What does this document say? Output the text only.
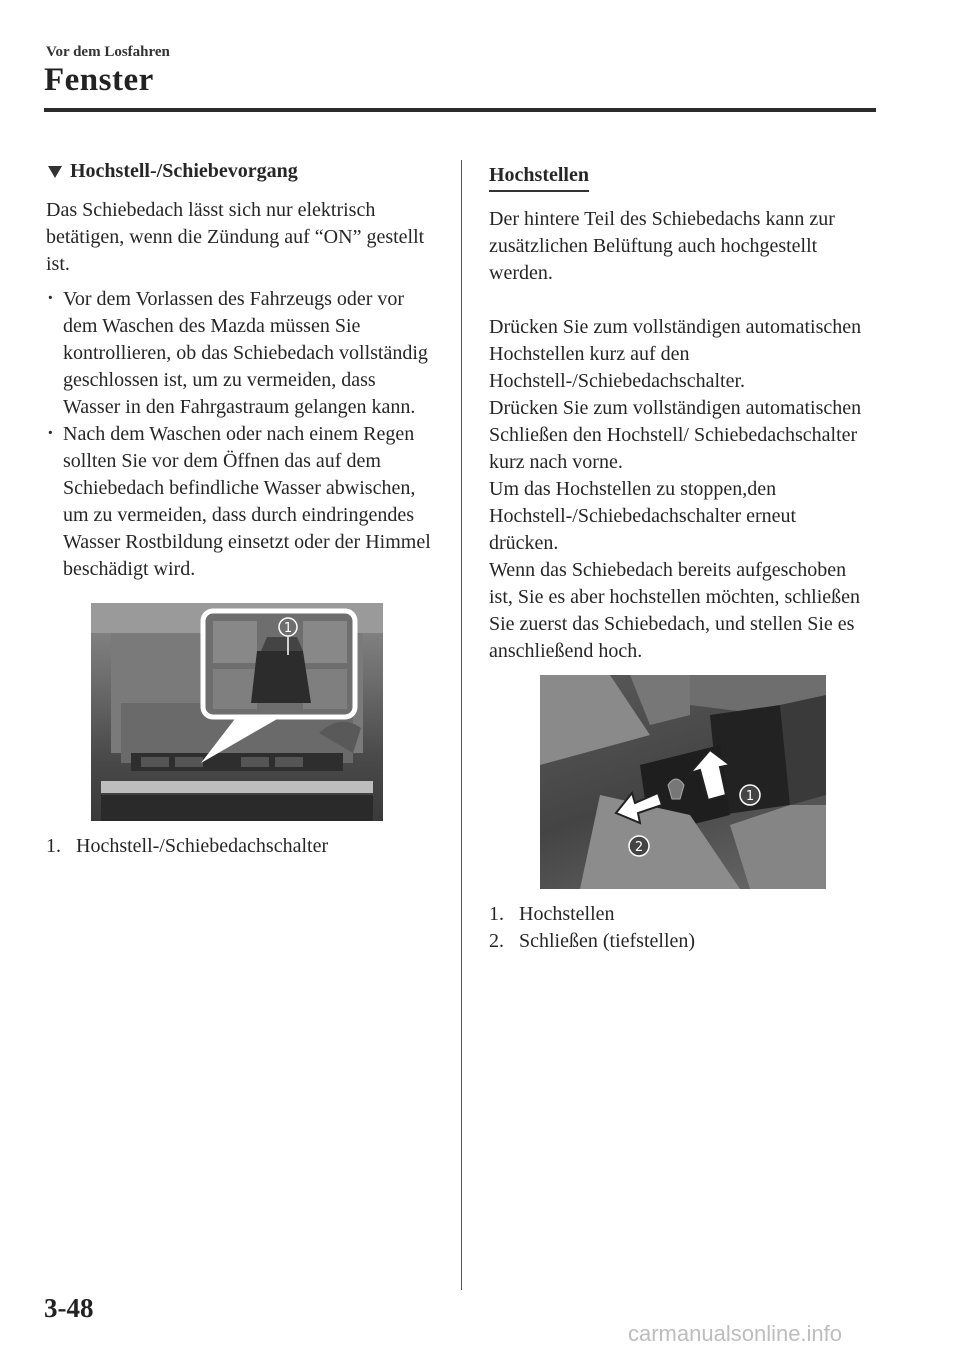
Vor dem Losfahren
Fenster
Hochstell-/Schiebevorgang

Das Schiebedach lässt sich nur elektrisch betätigen, wenn die Zündung auf “ON” gestellt ist.

· Vor dem Vorlassen des Fahrzeugs oder vor dem Waschen des Mazda müssen Sie kontrollieren, ob das Schiebedach vollständig geschlossen ist, um zu vermeiden, dass Wasser in den Fahrgastraum gelangen kann.
· Nach dem Waschen oder nach einem Regen sollten Sie vor dem Öffnen das auf dem Schiebedach befindliche Wasser abwischen, um zu vermeiden, dass durch eindringendes Wasser Rostbildung einsetzt oder der Himmel beschädigt wird.
1
1. Hochstell-/Schiebedachschalter
Hochstellen

Der hintere Teil des Schiebedachs kann zur zusätzlichen Belüftung auch hochgestellt werden.

Drücken Sie zum vollständigen automatischen Hochstellen kurz auf den Hochstell-/Schiebedachschalter.

Drücken Sie zum vollständigen automatischen Schließen den Hochstell/ Schiebedachschalter kurz nach vorne.

Um das Hochstellen zu stoppen,den Hochstell-/Schiebedachschalter erneut drücken.

Wenn das Schiebedach bereits aufgeschoben ist, Sie es aber hochstellen möchten, schließen Sie zuerst das Schiebedach, und stellen Sie es anschließend hoch.

1
2
1. Hochstellen
2. Schließen (tiefstellen)
3-48
carmanualsonline.info
